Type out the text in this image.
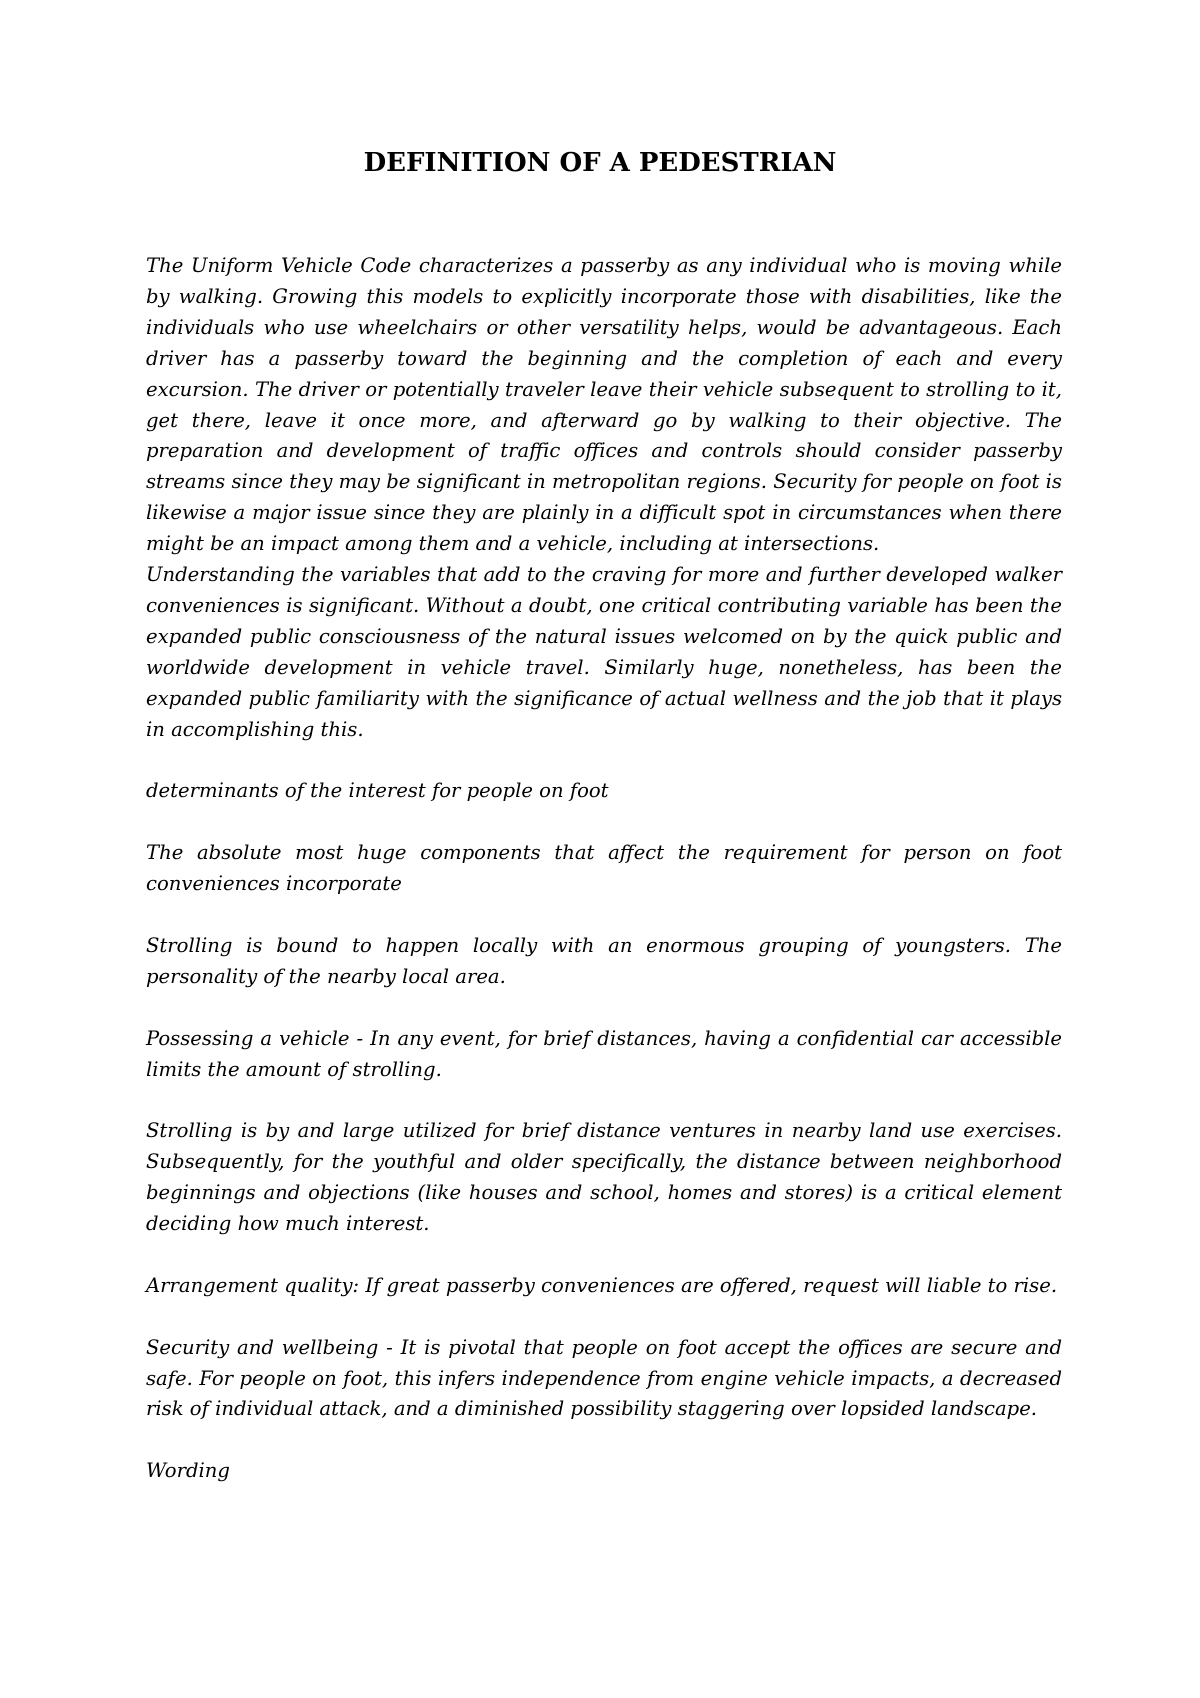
DEFINITION OF A PEDESTRIAN

The Uniform Vehicle Code characterizes a passerby as any individual who is moving while by walking. Growing this models to explicitly incorporate those with disabilities, like the individuals who use wheelchairs or other versatility helps, would be advantageous. Each driver has a passerby toward the beginning and the completion of each and every excursion. The driver or potentially traveler leave their vehicle subsequent to strolling to it, get there, leave it once more, and afterward go by walking to their objective. The preparation and development of traffic offices and controls should consider passerby streams since they may be significant in metropolitan regions. Security for people on foot is likewise a major issue since they are plainly in a difficult spot in circumstances when there might be an impact among them and a vehicle, including at intersections.

Understanding the variables that add to the craving for more and further developed walker conveniences is significant. Without a doubt, one critical contributing variable has been the expanded public consciousness of the natural issues welcomed on by the quick public and worldwide development in vehicle travel. Similarly huge, nonetheless, has been the expanded public familiarity with the significance of actual wellness and the job that it plays in accomplishing this.

determinants of the interest for people on foot

The absolute most huge components that affect the requirement for person on foot conveniences incorporate

Strolling is bound to happen locally with an enormous grouping of youngsters. The personality of the nearby local area.

Possessing a vehicle - In any event, for brief distances, having a confidential car accessible limits the amount of strolling.

Strolling is by and large utilized for brief distance ventures in nearby land use exercises. Subsequently, for the youthful and older specifically, the distance between neighborhood beginnings and objections (like houses and school, homes and stores) is a critical element deciding how much interest.

Arrangement quality: If great passerby conveniences are offered, request will liable to rise.

Security and wellbeing - It is pivotal that people on foot accept the offices are secure and safe. For people on foot, this infers independence from engine vehicle impacts, a decreased risk of individual attack, and a diminished possibility staggering over lopsided landscape.

Wording
